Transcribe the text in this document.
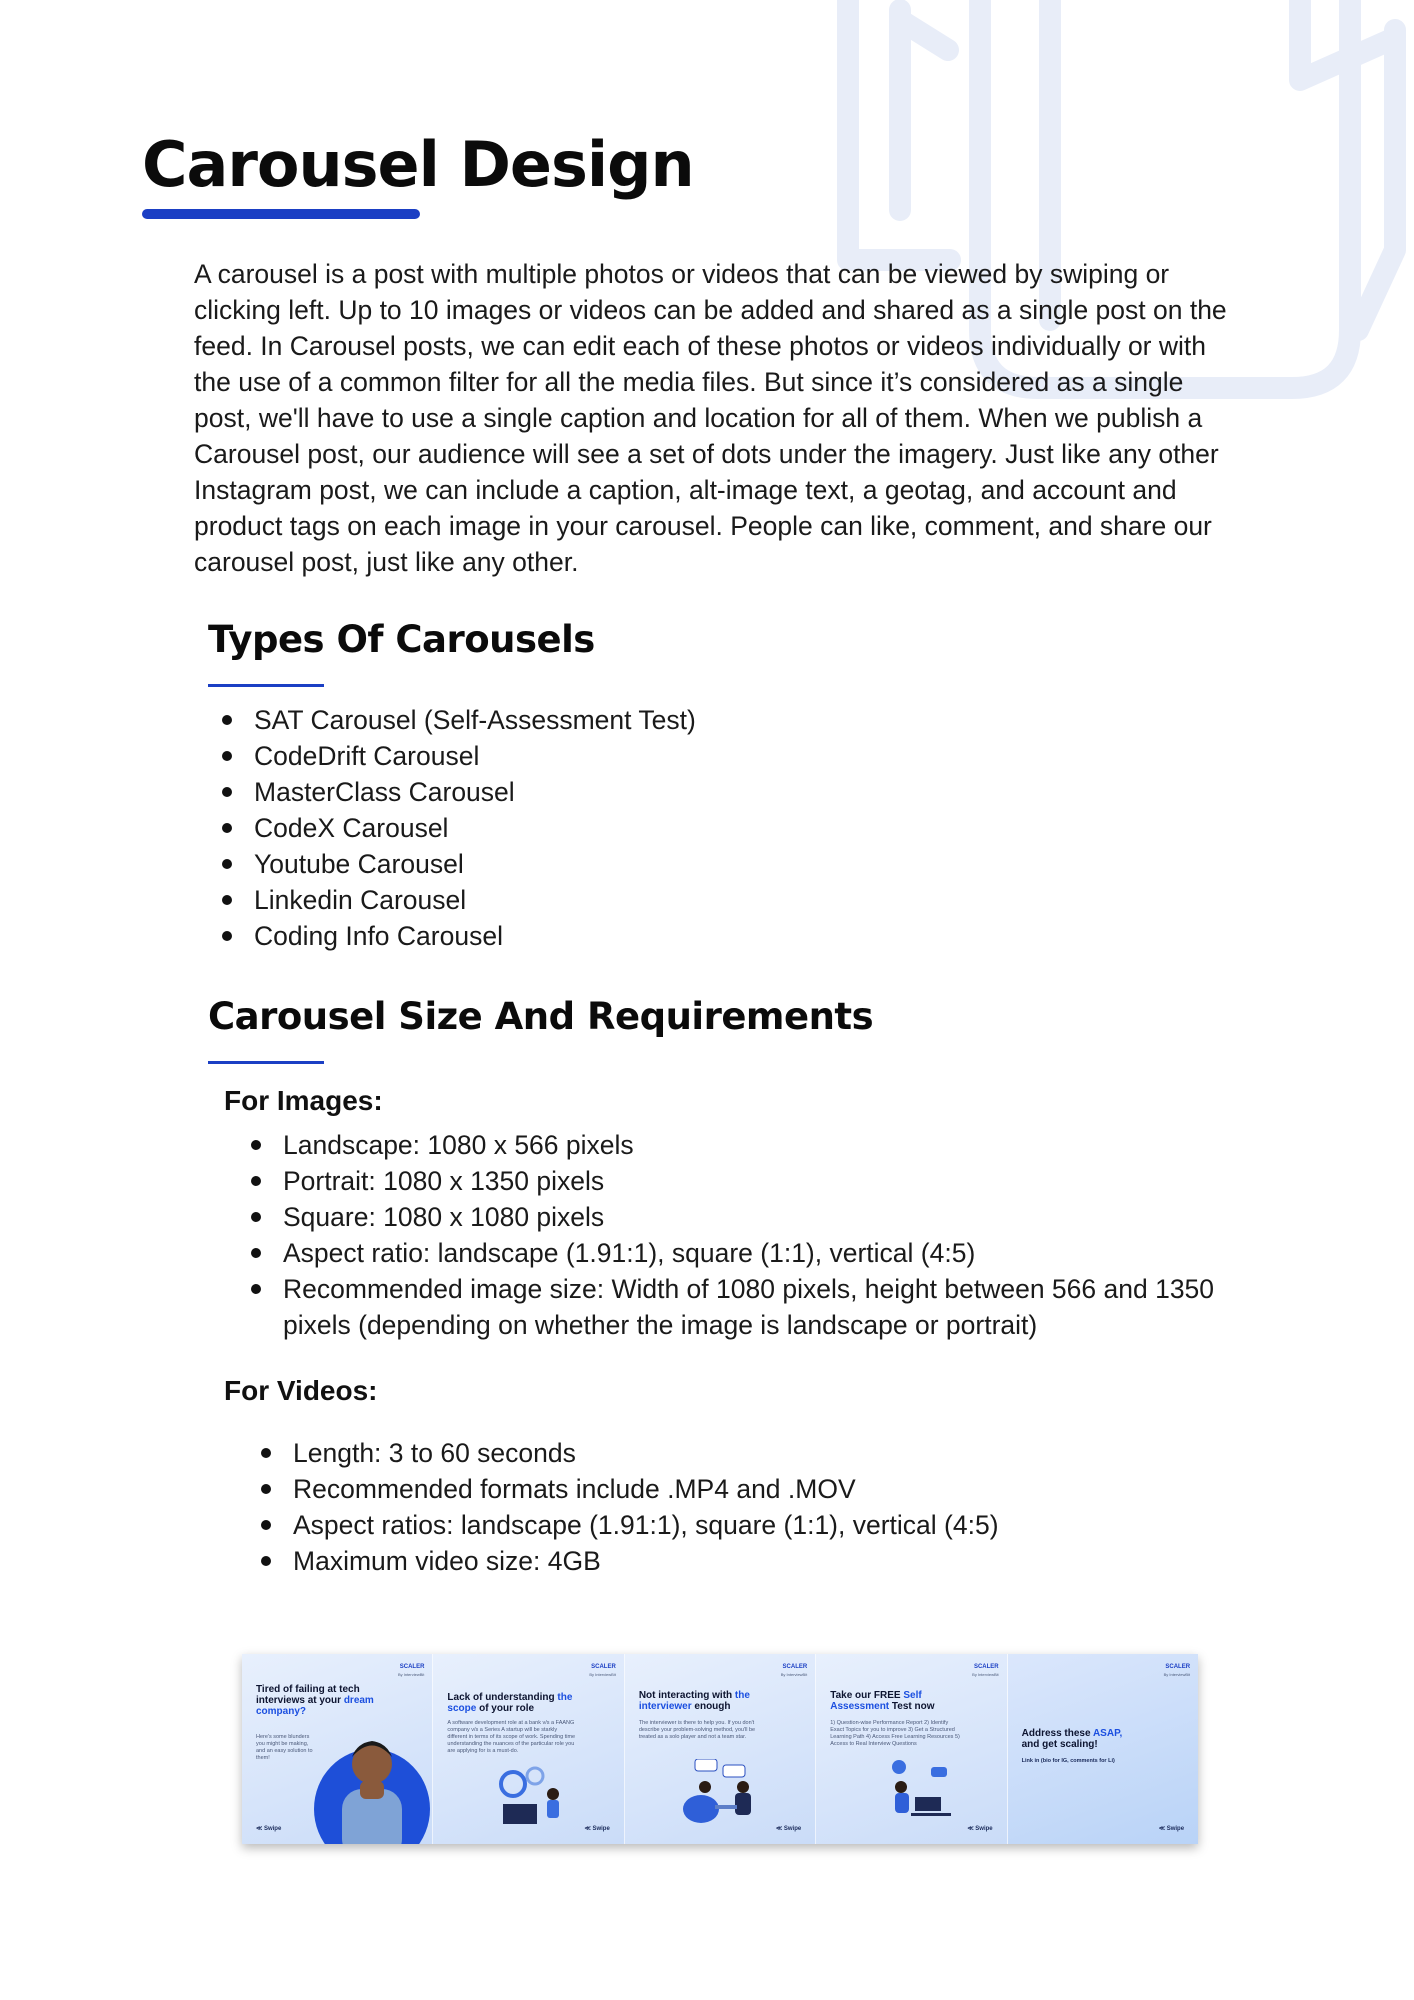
Carousel Design

A carousel is a post with multiple photos or videos that can be viewed by swiping or clicking left. Up to 10 images or videos can be added and shared as a single post on the feed. In Carousel posts, we can edit each of these photos or videos individually or with the use of a common filter for all the media files. But since it’s considered as a single post, we'll have to use a single caption and location for all of them. When we publish a Carousel post, our audience will see a set of dots under the imagery. Just like any other Instagram post, we can include a caption, alt-image text, a geotag, and account and product tags on each image in your carousel. People can like, comment, and share our carousel post, just like any other.

Types Of Carousels
SAT Carousel (Self-Assessment Test)
CodeDrift Carousel
MasterClass Carousel
CodeX Carousel
Youtube Carousel
Linkedin Carousel
Coding Info Carousel
Carousel Size And Requirements
For Images:
Landscape: 1080 x 566 pixels
Portrait: 1080 x 1350 pixels
Square: 1080 x 1080 pixels
Aspect ratio: landscape (1.91:1), square (1:1), vertical (4:5)
Recommended image size: Width of 1080 pixels, height between 566 and 1350 pixels (depending on whether the image is landscape or portrait)
For Videos:
Length: 3 to 60 seconds
Recommended formats include .MP4 and .MOV
Aspect ratios: landscape (1.91:1), square (1:1), vertical (4:5)
Maximum video size: 4GB
SCALER
By InterviewBit
Tired of failing at tech interviews at your dream company?
Here's some blunders you might be making, and an easy solution to them!
≪ Swipe
SCALER
By InterviewBit
Lack of understanding the scope of your role
A software development role at a bank v/s a FAANG company v/s a Series A startup will be starkly different in terms of its scope of work. Spending time understanding the nuances of the particular role you are applying for is a must-do.
≪ Swipe
SCALER
By InterviewBit
Not interacting with the interviewer enough
The interviewer is there to help you. If you don't describe your problem-solving method, you'll be treated as a solo player and not a team star.
≪ Swipe
SCALER
By InterviewBit
Take our FREE Self Assessment Test now
1) Question-wise Performance Report 2) Identify Exact Topics for you to improve 3) Get a Structured Learning Path 4) Access Free Learning Resources 5) Access to Real Interview Questions
≪ Swipe
SCALER
By InterviewBit
Address these ASAP, and get scaling!
Link in (bio for IG, comments for Li)
≪ Swipe
